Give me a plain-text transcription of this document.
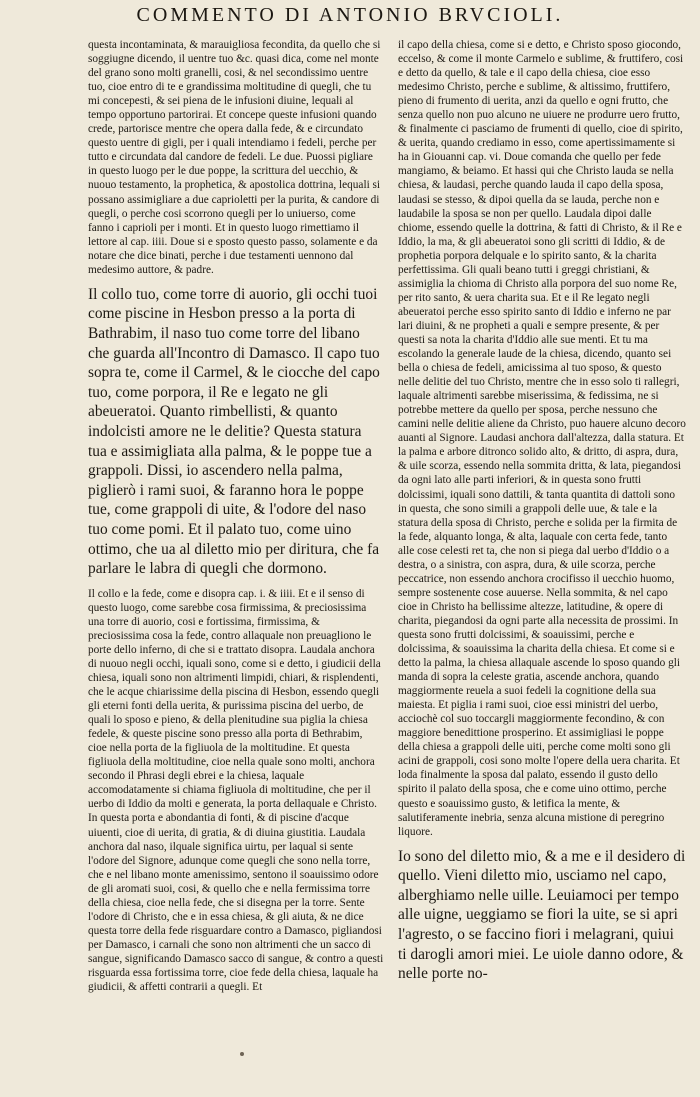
COMMENTO DI ANTONIO BRVCIOLI.

questa incontaminata, & marauigliosa fecondita, da quello che si soggiugne dicendo, il uentre tuo &c. quasi dica, come nel monte del grano sono molti granelli, cosi, & nel secondissimo uentre tuo, cioe entro di te e grandissima moltitudine di quegli, che tu mi concepesti, & sei piena de le infusioni diuine, lequali al tempo opportuno partorirai. Et concepe queste infusioni quando crede, partorisce mentre che opera dalla fede, & e circundato questo uentre di gigli, per i quali intendiamo i fedeli, perche per tutto e circundata dal candore de fedeli. Le due. Puossi pigliare in questo luogo per le due poppe, la scrittura del uecchio, & nuouo testamento, la prophetica, & apostolica dottrina, lequali si possano assimigliare a due caprioletti per la purita, & candore di quegli, o perche cosi scorrono quegli per lo uniuerso, come fanno i caprioli per i monti. Et in questo luogo rimettiamo il lettore al cap. iiii. Doue si e sposto questo passo, solamente e da notare che dice binati, perche i due testamenti uennono dal medesimo auttore, & padre.

Il collo tuo, come torre di auorio, gli occhi tuoi come piscine in Hesbon presso a la porta di Bathrabim, il naso tuo come torre del libano che guarda all'Incontro di Damasco. Il capo tuo sopra te, come il Carmel, & le ciocche del capo tuo, come porpora, il Re e legato ne gli abeueratoi. Quanto rimbellisti, & quanto indolcisti amore ne le delitie? Questa statura tua e assimigliata alla palma, & le poppe tue a grappoli. Dissi, io ascendero nella palma, piglierò i rami suoi, & faranno hora le poppe tue, come grappoli di uite, & l'odore del naso tuo come pomi. Et il palato tuo, come uino ottimo, che ua al diletto mio per diritura, che fa parlare le labra di quegli che dormono.

Il collo e la fede, come e disopra cap. i. & iiii. Et e il senso di questo luogo, come sarebbe cosa firmissima, & preciosissima una torre di auorio, cosi e fortissima, firmissima, & preciosissima cosa la fede, contro allaquale non preuagliono le porte dello inferno, di che si e trattato disopra. Laudala anchora di nuouo negli occhi, iquali sono, come si e detto, i giudicii della chiesa, iquali sono non altrimenti limpidi, chiari, & risplendenti, che le acque chiarissime della piscina di Hesbon, essendo quegli gli eterni fonti della uerita, & purissima piscina del uerbo, de quali lo sposo e pieno, & della plenitudine sua piglia la chiesa fedele, & queste piscine sono presso alla porta di Bethrabim, cioe nella porta de la figliuola de la moltitudine. Et questa figliuola della moltitudine, cioe nella quale sono molti, anchora secondo il Phrasi degli ebrei e la chiesa, laquale accomodatamente si chiama figliuola di moltitudine, che per il uerbo di Iddio da molti e generata, la porta dellaquale e Christo. In questa porta e abondantia di fonti, & di piscine d'acque uiuenti, cioe di uerita, di gratia, & di diuina giustitia. Laudala anchora dal naso, ilquale significa uirtu, per laqual si sente l'odore del Signore, adunque come quegli che sono nella torre, che e nel libano monte amenissimo, sentono il soauissimo odore de gli aromati suoi, cosi, & quello che e nella fermissima torre della chiesa, cioe nella fede, che si disegna per la torre. Sente l'odore di Christo, che e in essa chiesa, & gli aiuta, & ne dice questa torre della fede risguardare contro a Damasco, pigliandosi per Damasco, i carnali che sono non altrimenti che un sacco di sangue, significando Damasco sacco di sangue, & contro a questi risguarda essa fortissima torre, cioe fede della chiesa, laquale ha giudicii, & affetti contrarii a quegli. Et

il capo della chiesa, come si e detto, e Christo sposo giocondo, eccelso, & come il monte Carmelo e sublime, & fruttifero, cosi e detto da quello, & tale e il capo della chiesa, cioe esso medesimo Christo, perche e sublime, & altissimo, fruttifero, pieno di frumento di uerita, anzi da quello e ogni frutto, che senza quello non puo alcuno ne uiuere ne produrre uero frutto, & finalmente ci pasciamo de frumenti di quello, cioe di spirito, & uerita, quando crediamo in esso, come apertissimamente si ha in Giouanni cap. vi. Doue comanda che quello per fede mangiamo, & beiamo. Et hassi qui che Christo lauda se nella chiesa, & laudasi, perche quando lauda il capo della sposa, laudasi se stesso, & dipoi quella da se lauda, perche non e laudabile la sposa se non per quello. Laudala dipoi dalle chiome, essendo quelle la dottrina, & fatti di Christo, & il Re e Iddio, la ma, & gli abeueratoi sono gli scritti di Iddio, & de prophetia porpora delquale e lo spirito santo, & la charita perfettissima. Gli quali beano tutti i greggi christiani, & assimiglia la chioma di Christo alla porpora del suo nome Re, per rito santo, & uera charita sua. Et e il Re legato negli abeueratoi perche esso spirito santo di Iddio e inferno ne par lari diuini, & ne propheti a quali e sempre presente, & per questi sa nota la charita d'Iddio alle sue menti. Et tu ma escolando la generale laude de la chiesa, dicendo, quanto sei bella o chiesa de fedeli, amicissima al tuo sposo, & questo nelle delitie del tuo Christo, mentre che in esso solo ti rallegri, laquale altrimenti sarebbe miserissima, & fedissima, ne si potrebbe mettere da quello per sposa, perche nessuno che camini nelle delitie aliene da Christo, puo hauere alcuno decoro auanti al Signore. Laudasi anchora dall'altezza, dalla statura. Et la palma e arbore ditronco solido alto, & dritto, di aspra, dura, & uile scorza, essendo nella sommita dritta, & lata, piegandosi da ogni lato alle parti inferiori, & in questa sono frutti dolcissimi, iquali sono dattili, & tanta quantita di dattoli sono in questa, che sono simili a grappoli delle uue, & tale e la statura della sposa di Christo, perche e solida per la firmita de la fede, alquanto longa, & alta, laquale con certa fede, tanto alle cose celesti ret ta, che non si piega dal uerbo d'Iddio o a destra, o a sinistra, con aspra, dura, & uile scorza, perche peccatrice, non essendo anchora crocifisso il uecchio huomo, sempre sostenente cose auuerse. Nella sommita, & nel capo cioe in Christo ha bellissime altezze, latitudine, & opere di charita, piegandosi da ogni parte alla necessita de prossimi. In questa sono frutti dolcissimi, & soauissimi, perche e dolcissima, & soauissima la charita della chiesa. Et come si e detto la palma, la chiesa allaquale ascende lo sposo quando gli manda di sopra la celeste gratia, ascende anchora, quando maggiormente reuela a suoi fedeli la cognitione della sua maiesta. Et piglia i rami suoi, cioe essi ministri del uerbo, acciochè col suo toccargli maggiormente fecondino, & con maggiore benedittione prosperino. Et assimigliasi le poppe della chiesa a grappoli delle uiti, perche come molti sono gli acini de grappoli, cosi sono molte l'opere della uera charita. Et loda finalmente la sposa dal palato, essendo il gusto dello spirito il palato della sposa, che e come uino ottimo, perche questo e soauissimo gusto, & letifica la mente, & salutiferamente inebria, senza alcuna mistione di peregrino liquore.

Io sono del diletto mio, & a me e il desidero di quello. Vieni diletto mio, usciamo nel capo, alberghiamo nelle uille. Leuiamoci per tempo alle uigne, ueggiamo se fiori la uite, se si apri l'agresto, o se faccino fiori i melagrani, quiui ti darogli amori miei. Le uiole danno odore, & nelle porte no-
